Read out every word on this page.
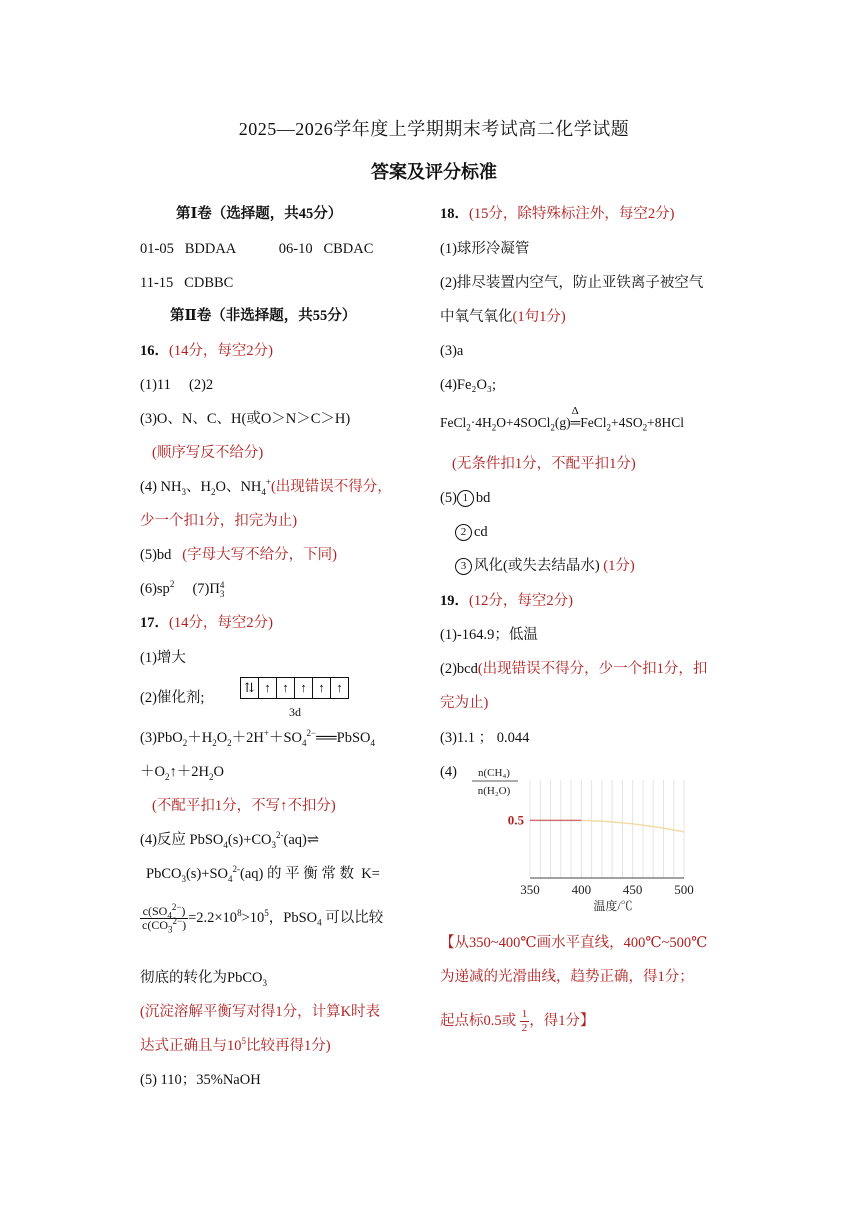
2025—2026学年度上学期期末考试高二化学试题
答案及评分标准
第Ⅰ卷（选择题，共45分）
01-05 BDDAA	06-10 CBDAC
11-15 CDBBC
第Ⅱ卷（非选择题，共55分）
16．(14分，每空2分)
(1)11　 (2)2
(3)O、N、C、H(或O＞N＞C＞H)
(顺序写反不给分)
(4) $NH_3$、$H_2O$、$NH_4^+$(出现错误不得分，
少一个扣1分，扣完为止)
(5)bd (字母大写不给分，下同)
$(6)sp^2$ (7)Π 4
3
17．(14分，每空2分)
(1)增大
(2)催化剂;
⇅ ↑ ↑ ↑ ↑ ↑
3d
$(3)PbO_2+H_2O_2+2H^++SO_4^{2-}══PbSO_4$
$+O_2↑+2H_2O$
(不配平扣1分，不写↑不扣分)
(4)反应 $PbSO_4(s)+CO_3^{2-}(aq)\rightleftharpoons$
$PbCO_3(s)+SO_4^{2-}(aq)$ 的 平 衡 常 数  K=
$\frac{c(SO_4^{2-})}{c(CO_3^{2-})} =2.2\times 10^8>10^5$，PbSO$_4$ 可以比较
彻底的转化为PbCO$_3$
(沉淀溶解平衡写对得1分，计算K时表
达式正确且与$10^5$比较再得1分)
(5) 110；35%NaOH
18．(15分，除特殊标注外，每空2分)
(1)球形冷凝管
(2)排尽装置内空气，防止亚铁离子被空气
中氧气氧化(1句1分)
(3)a
(4)Fe₂O₃;
$FeCl_2\cdot 4H_2O+4SOCl_2(g)$
Δ
$═FeCl_2+4SO_2+8HCl$
(无条件扣1分，不配平扣1分)
(5) 1 bd
2 cd
3 风化(或失去结晶水) (1分)
19．(12分，每空2分)
(1)-164.9；低温
(2)bcd(出现错误不得分，少一个扣1分，扣
完为止)
(3)1.1 ； 0.044
(4)
350 400 450 500
0.5
n(CH₄)
n(H₂O)
温度/℃
【从350~400℃画水平直线，400℃~500℃
为递减的光滑曲线，趋势正确，得1分；
起点标0.5或 $\frac{1}{2}$ ，得1分】
